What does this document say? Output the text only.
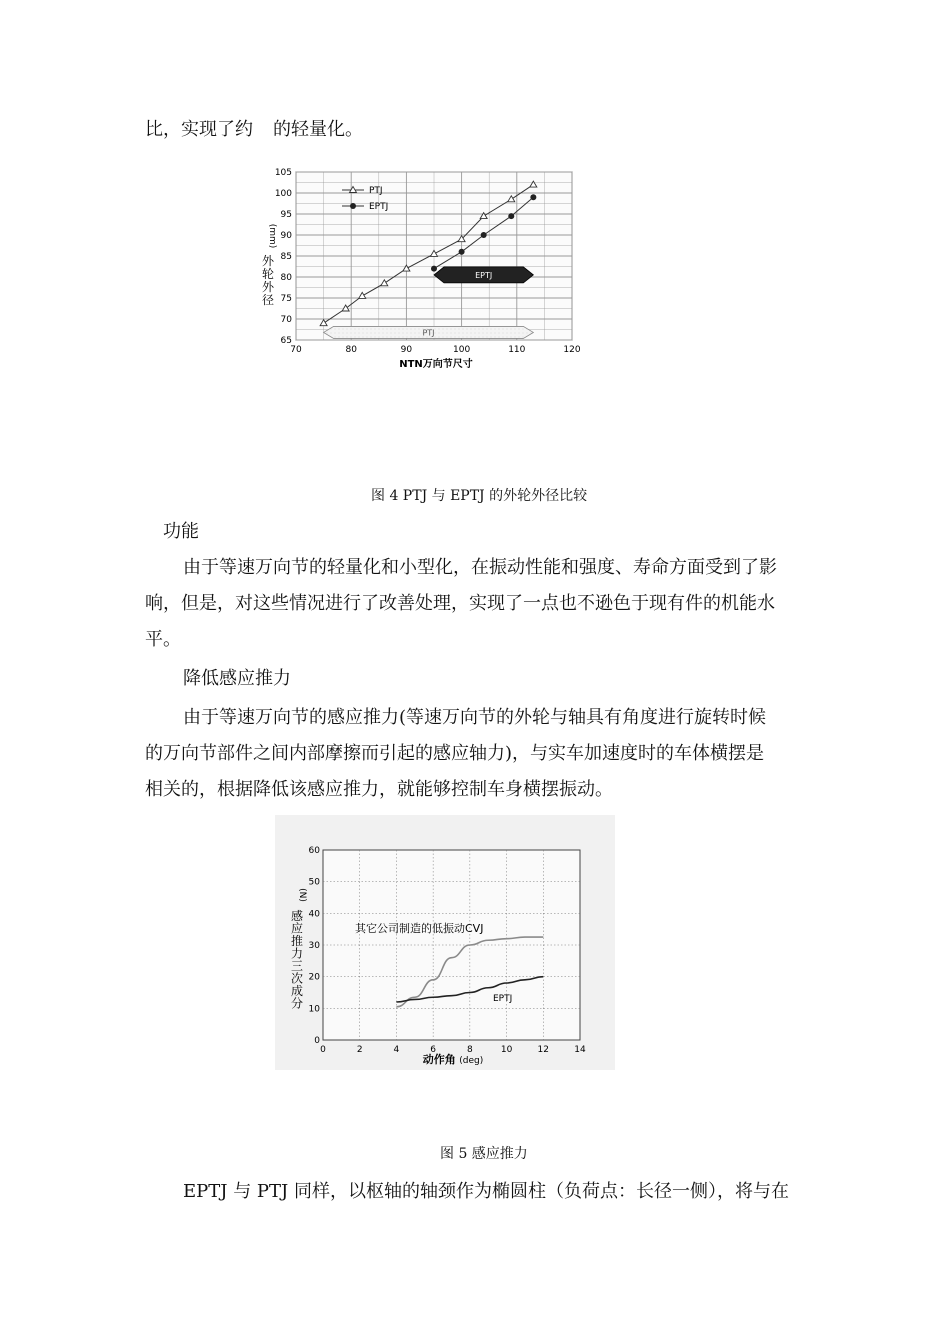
比，实现了约 的轻量化。
EPTJ
PTJ
70	80	90	100	110	120
65
70
75
80
85
90
95
100
105
PTJ
EPTJ
NTN万向节尺寸
外轮外径
(mm)
图 4 PTJ 与 EPTJ 的外轮外径比较
功能
由于等速万向节的轻量化和小型化，在振动性能和强度、寿命方面受到了影
响，但是，对这些情况进行了改善处理，实现了一点也不逊色于现有件的机能水
平。
降低感应推力
由于等速万向节的感应推力(等速万向节的外轮与轴具有角度进行旋转时候
的万向节部件之间内部摩擦而引起的感应轴力)，与实车加速度时的车体横摆是
相关的，根据降低该感应推力，就能够控制车身横摆振动。
0	2	4	6	8	10	12	14
0
10
20
30
40
50
60
其它公司制造的低振动CVJ
EPTJ
动作角 (deg)
感应推力三次成分
(N)
图 5 感应推力
EPTJ 与 PTJ 同样，以枢轴的轴颈作为椭圆柱（负荷点：长径一侧），将与在
